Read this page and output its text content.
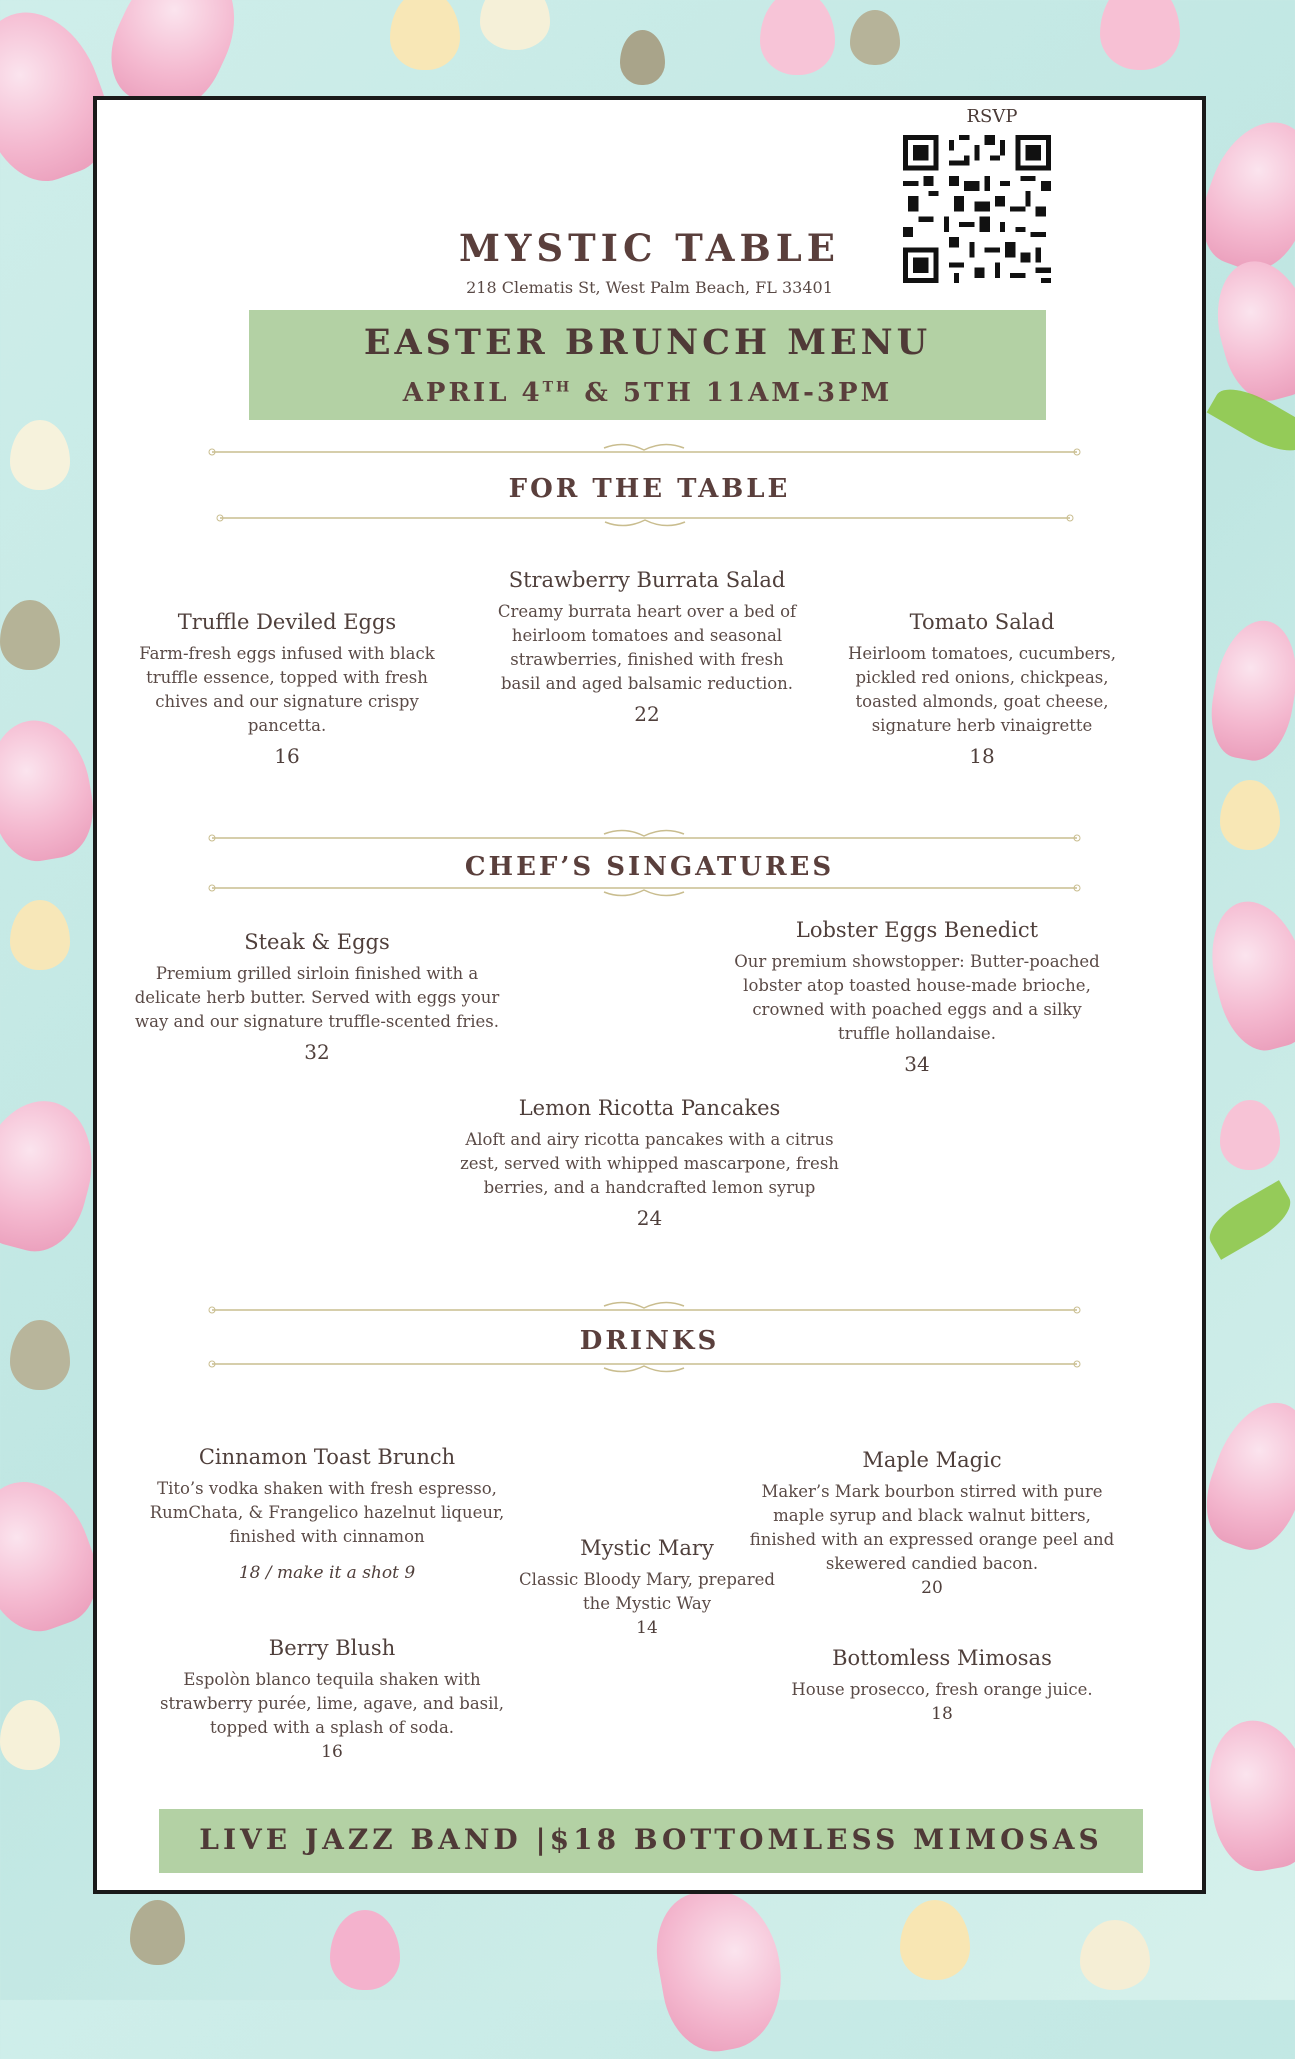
RSVP
MYSTIC TABLE
218 Clematis St, West Palm Beach, FL 33401
EASTER BRUNCH MENU
APRIL 4TH & 5TH 11AM-3PM
FOR THE TABLE
Truffle Deviled Eggs
Farm-fresh eggs infused with black truffle essence, topped with fresh chives and our signature crispy pancetta.
16
Strawberry Burrata Salad
Creamy burrata heart over a bed of heirloom tomatoes and seasonal strawberries, finished with fresh basil and aged balsamic reduction.
22
Tomato Salad
Heirloom tomatoes, cucumbers, pickled red onions, chickpeas, toasted almonds, goat cheese, signature herb vinaigrette
18
CHEF’S SINGATURES
Steak & Eggs
Premium grilled sirloin finished with a delicate herb butter. Served with eggs your way and our signature truffle-scented fries.
32
Lobster Eggs Benedict
Our premium showstopper: Butter-poached lobster atop toasted house-made brioche, crowned with poached eggs and a silky truffle hollandaise.
34
Lemon Ricotta Pancakes
Aloft and airy ricotta pancakes with a citrus zest, served with whipped mascarpone, fresh berries, and a handcrafted lemon syrup
24
DRINKS
Cinnamon Toast Brunch
Tito’s vodka shaken with fresh espresso, RumChata, & Frangelico hazelnut liqueur, finished with cinnamon
18 / make it a shot 9
Mystic Mary
Classic Bloody Mary, prepared the Mystic Way
14
Maple Magic
Maker’s Mark bourbon stirred with pure maple syrup and black walnut bitters, finished with an expressed orange peel and skewered candied bacon.
20
Berry Blush
Espolòn blanco tequila shaken with strawberry purée, lime, agave, and basil, topped with a splash of soda.
16
Bottomless Mimosas
House prosecco, fresh orange juice.
18
LIVE JAZZ BAND |$18 BOTTOMLESS MIMOSAS
